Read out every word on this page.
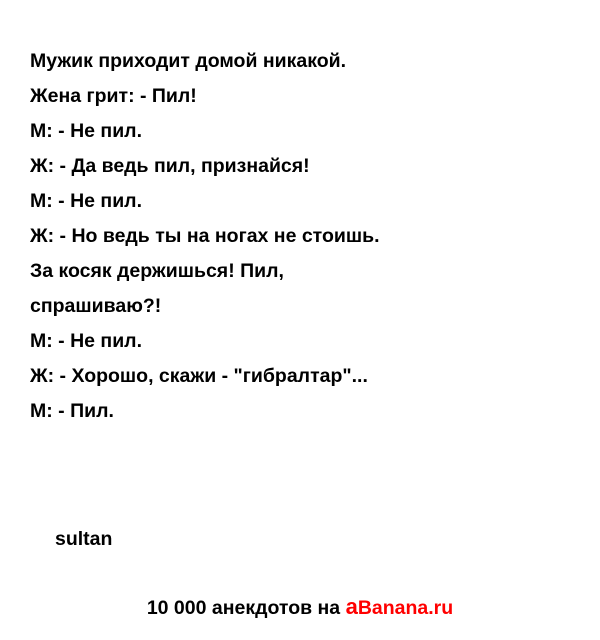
Мужик приходит домой никакой.
Жена грит: - Пил!
М: - Не пил.
Ж: - Да ведь пил, признайся!
М: - Не пил.
Ж: - Но ведь ты на ногах не стоишь.
За косяк держишься! Пил,
спрашиваю?!
М: - Не пил.
Ж: - Хорошо, скажи - "гибралтар"...
М: - Пил.
sultan
10 000 анекдотов на aBanana.ru
